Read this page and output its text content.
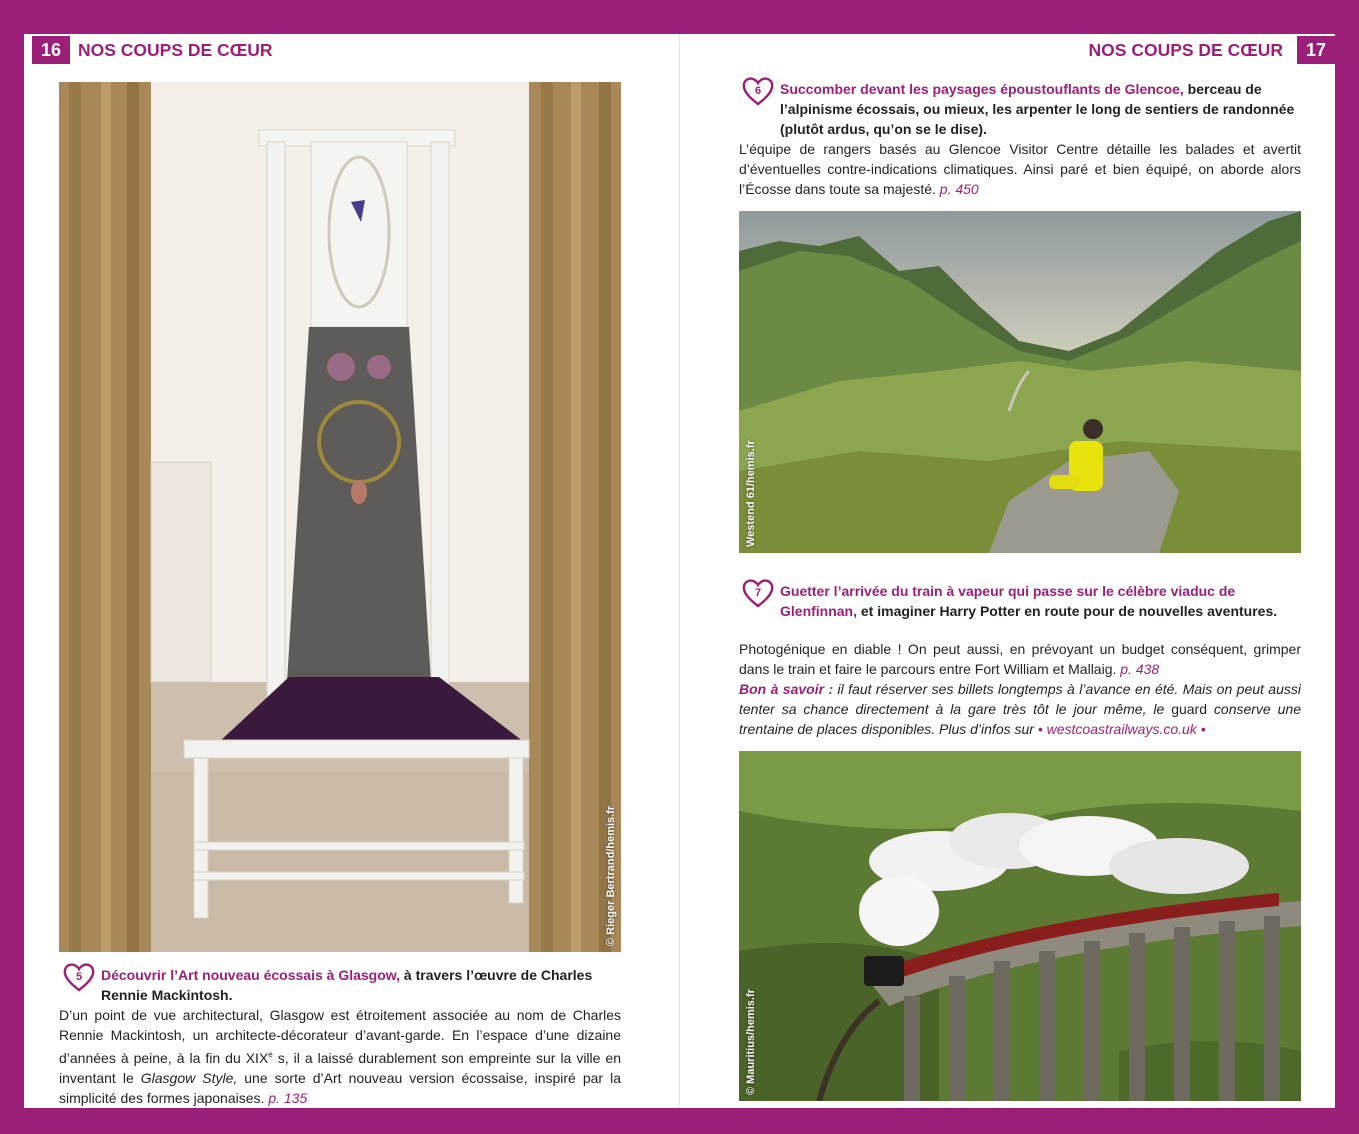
16 NOS COUPS DE CŒUR
© Rieger Bertrand/hemis.fr
5	Découvrir l’Art nouveau écossais à Glasgow, à travers l’œuvre de Charles Rennie Mackintosh.

D’un point de vue architectural, Glasgow est étroitement associée au nom de Charles Rennie Mackintosh, un architecte-décorateur d’avant-garde. En l’espace d’une dizaine d’années à peine, à la fin du XIXe s, il a laissé durablement son empreinte sur la ville en inventant le Glasgow Style, une sorte d’Art nouveau version écossaise, inspiré par la simplicité des formes japonaises. p. 135

17
NOS COUPS DE CŒUR
6	Succomber devant les paysages époustouflants de Glencoe, berceau de l’alpinisme écossais, ou mieux, les arpenter le long de sentiers de randonnée (plutôt ardus, qu’on se le dise).

L’équipe de rangers basés au Glencoe Visitor Centre détaille les balades et avertit d’éventuelles contre-indications climatiques. Ainsi paré et bien équipé, on aborde alors l’Écosse dans toute sa majesté. p. 450

Westend 61/hemis.fr
7	Guetter l’arrivée du train à vapeur qui passe sur le célèbre viaduc de Glenfinnan, et imaginer Harry Potter en route pour de nouvelles aventures.

Photogénique en diable ! On peut aussi, en prévoyant un budget conséquent, grimper dans le train et faire le parcours entre Fort William et Mallaig. p. 438

Bon à savoir : il faut réserver ses billets longtemps à l’avance en été. Mais on peut aussi tenter sa chance directement à la gare très tôt le jour même, le guard conserve une trentaine de places disponibles. Plus d’infos sur • westcoastrailways.co.uk •

© Mauritius/hemis.fr
